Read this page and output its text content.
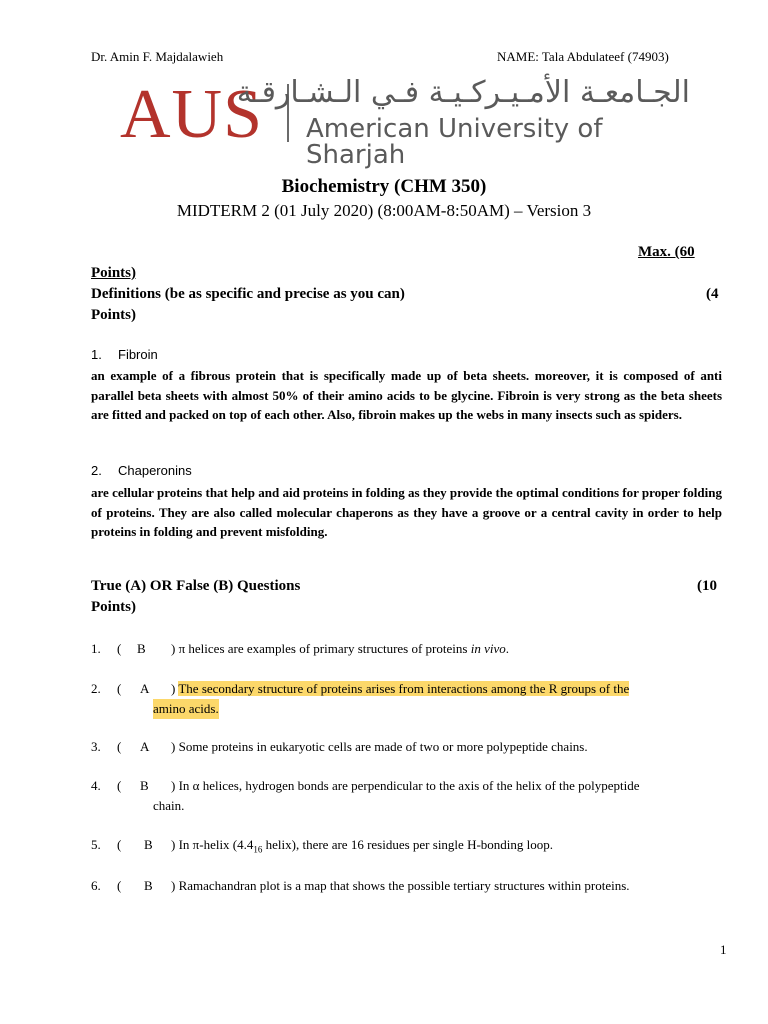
Dr. Amin F. Majdalawieh	NAME: Tala Abdulateef (74903)
AUS
الجـامعـة الأمـيـركـيـة فـي الـشـارقـة
American University of Sharjah
Biochemistry (CHM 350)
MIDTERM 2 (01 July 2020) (8:00AM-8:50AM) – Version 3
Max. (60
Points)
Definitions (be as specific and precise as you can)	(4
Points)
1. Fibroin
an example of a fibrous protein that is specifically made up of beta sheets. moreover, it is composed of anti parallel beta sheets with almost 50% of their amino acids to be glycine. Fibroin is very strong as the beta sheets are fitted and packed on top of each other. Also, fibroin makes up the webs in many insects such as spiders.
2. Chaperonins
are cellular proteins that help and aid proteins in folding as they provide the optimal conditions for proper folding of proteins. They are also called molecular chaperons as they have a groove or a central cavity in order to help proteins in folding and prevent misfolding.
True (A) OR False (B) Questions	(10
Points)
1. ( B ) π helices are examples of primary structures of proteins in vivo.
2. ( A ) The secondary structure of proteins arises from interactions among the R groups of the
amino acids.
3. ( A ) Some proteins in eukaryotic cells are made of two or more polypeptide chains.
4. ( B ) In α helices, hydrogen bonds are perpendicular to the axis of the helix of the polypeptide
chain.
5. ( B ) In π-helix ($4.4_{16}$ helix), there are 16 residues per single H-bonding loop.
6. ( B ) Ramachandran plot is a map that shows the possible tertiary structures within proteins.
1
